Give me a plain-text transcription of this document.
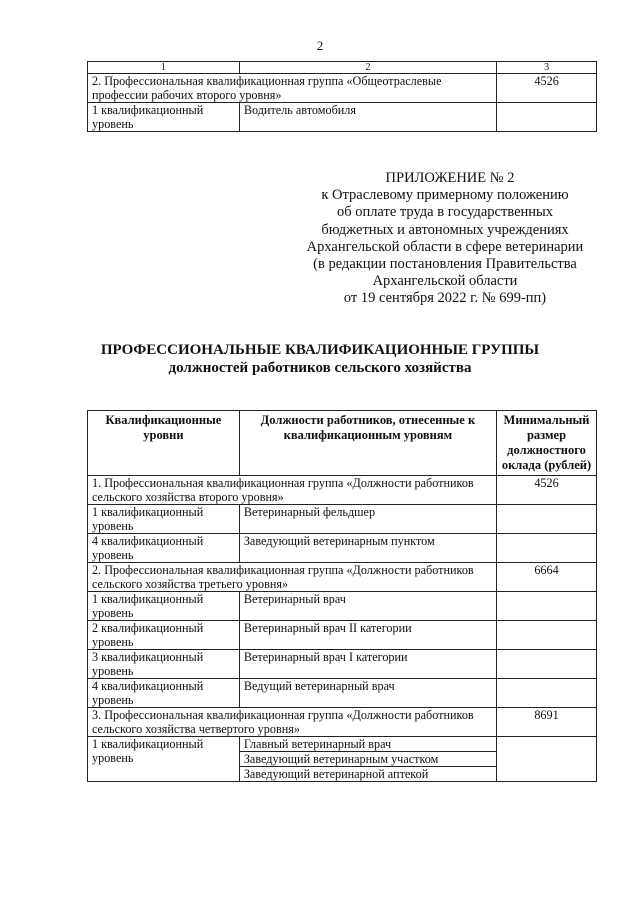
2
1	2	3
2. Профессиональная квалификационная группа «Общеотраслевые профессии рабочих второго уровня»		4526
1 квалификационный уровень	Водитель автомобиля	
ПРИЛОЖЕНИЕ № 2
к Отраслевому примерному положению
об оплате труда в государственных
бюджетных и автономных учреждениях
Архангельской области в сфере ветеринарии
(в редакции постановления Правительства
Архангельской области
от 19 сентября 2022 г. № 699-пп)
ПРОФЕССИОНАЛЬНЫЕ КВАЛИФИКАЦИОННЫЕ ГРУППЫ
должностей работников сельского хозяйства
Квалификационные уровни	Должности работников, отнесенные к квалификационным уровням	Минимальный размер должностного оклада (рублей)
1. Профессиональная квалификационная группа «Должности работников сельского хозяйства второго уровня»		4526
1 квалификационный уровень	Ветеринарный фельдшер	
4 квалификационный уровень	Заведующий ветеринарным пунктом	
2. Профессиональная квалификационная группа «Должности работников сельского хозяйства третьего уровня»		6664
1 квалификационный уровень	Ветеринарный врач	
2 квалификационный уровень	Ветеринарный врач II категории	
3 квалификационный уровень	Ветеринарный врач I категории	
4 квалификационный уровень	Ведущий ветеринарный врач	
3. Профессиональная квалификационная группа «Должности работников сельского хозяйства четвертого уровня»		8691
1 квалификационный уровень	Главный ветеринарный врач	
	Заведующий ветеринарным участком	
	Заведующий ветеринарной аптекой	
